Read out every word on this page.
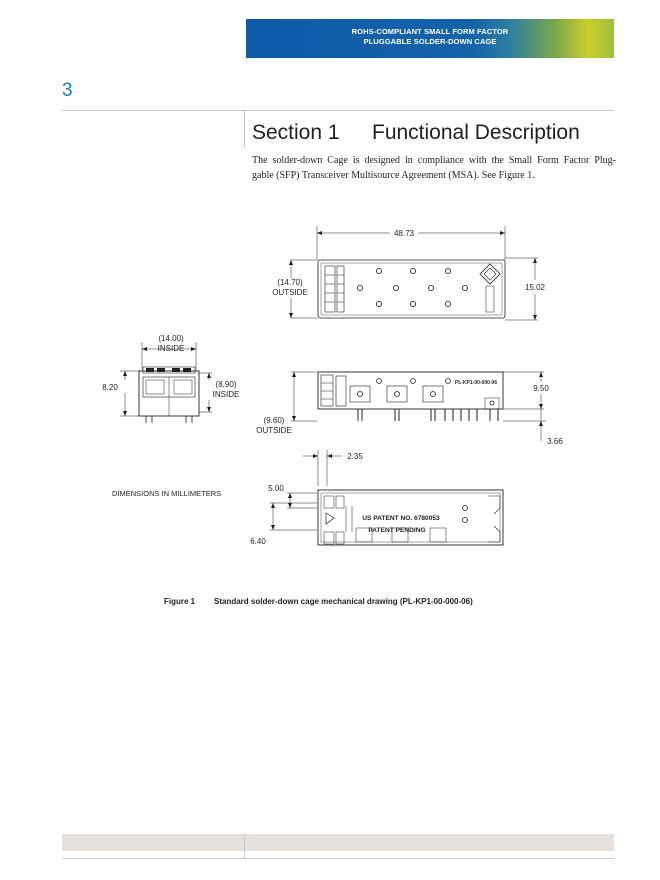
ROHS-COMPLIANT SMALL FORM FACTOR
PLUGGABLE SOLDER-DOWN CAGE
3
Section 1 Functional Description
The solder-down Cage is designed in compliance with the Small Form Factor Plug-
gable (SFP) Transceiver Multisource Agreement (MSA). See Figure 1.
48.73
(14.70)
OUTSIDE
15.02
(14.00)
INSIDE
8.20	(8.90)
INSIDE
PL-KP1-00-000-06
(9.60)
OUTSIDE
9.50
3.66
2.35
US PATENT NO. 6780053
PATENT PENDING
5.00
6.40
DIMENSIONS IN MILLIMETERS
Figure 1 Standard solder-down cage mechanical drawing (PL-KP1-00-000-06)
